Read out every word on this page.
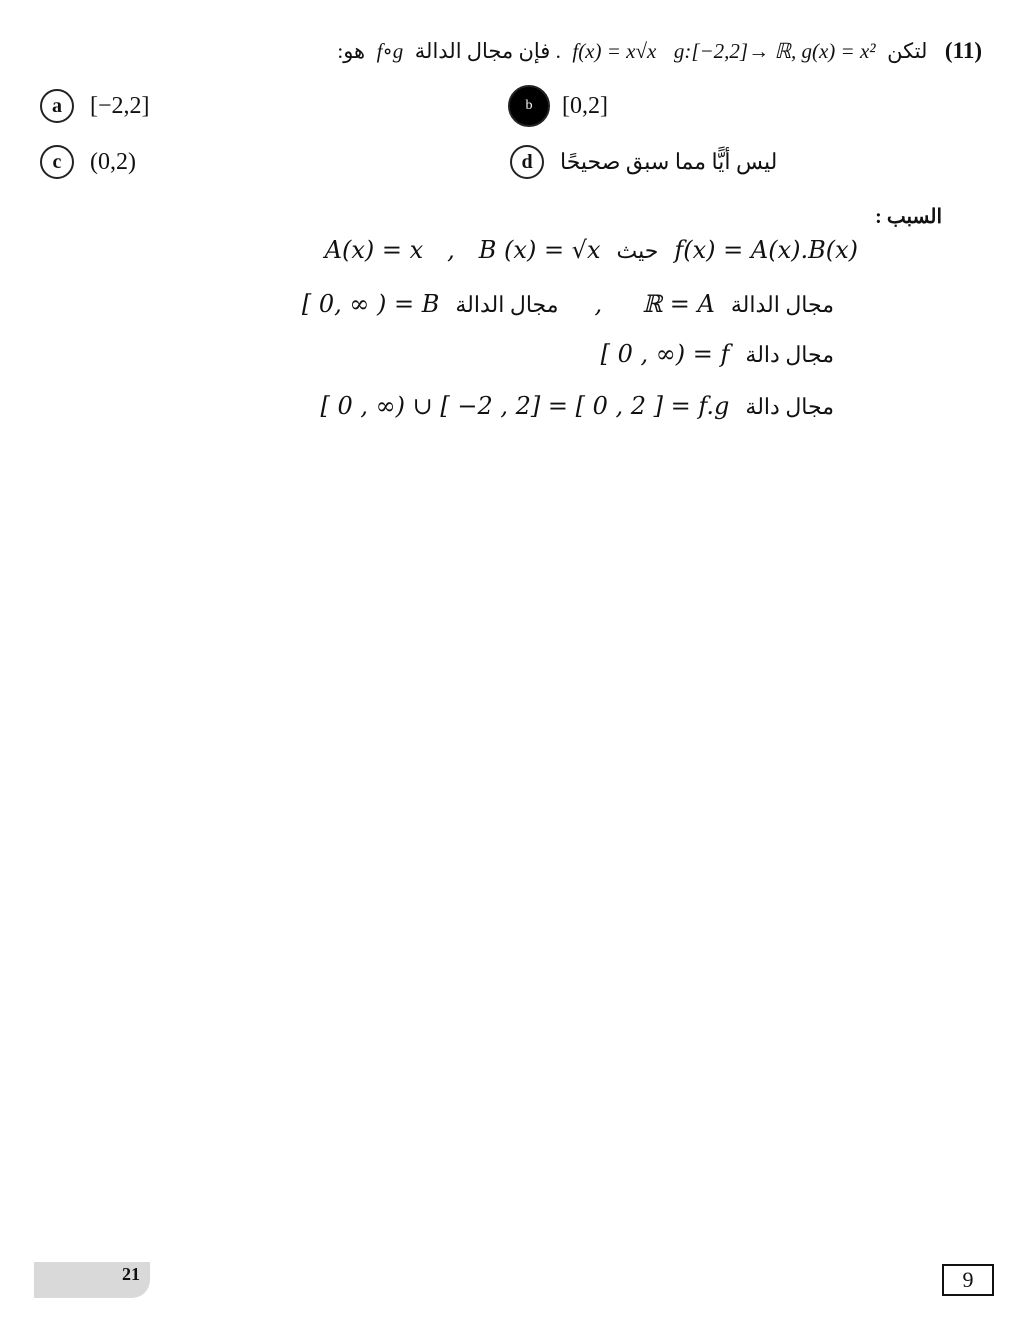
(11) لتكن g:[−2,2]→ ℝ, g(x) = x² f(x) = x√x . فإن مجال الدالة f∘g هو:
a	[−2,2]	b	[0,2]
c	(0,2)	d	ليس أيًّا مما سبق صحيحًا
السبب :
f(x) = A(x).B(x) حيث B (x) = √x , A(x) = x
مجال الدالة ℝ = A , مجال الدالة [ 0, ∞ ) = B
مجال دالة [ 0 , ∞) = f
مجال دالة [ 0 , ∞) ∪ [ −2 , 2] = [ 0 , 2 ] = f.g
21	9
